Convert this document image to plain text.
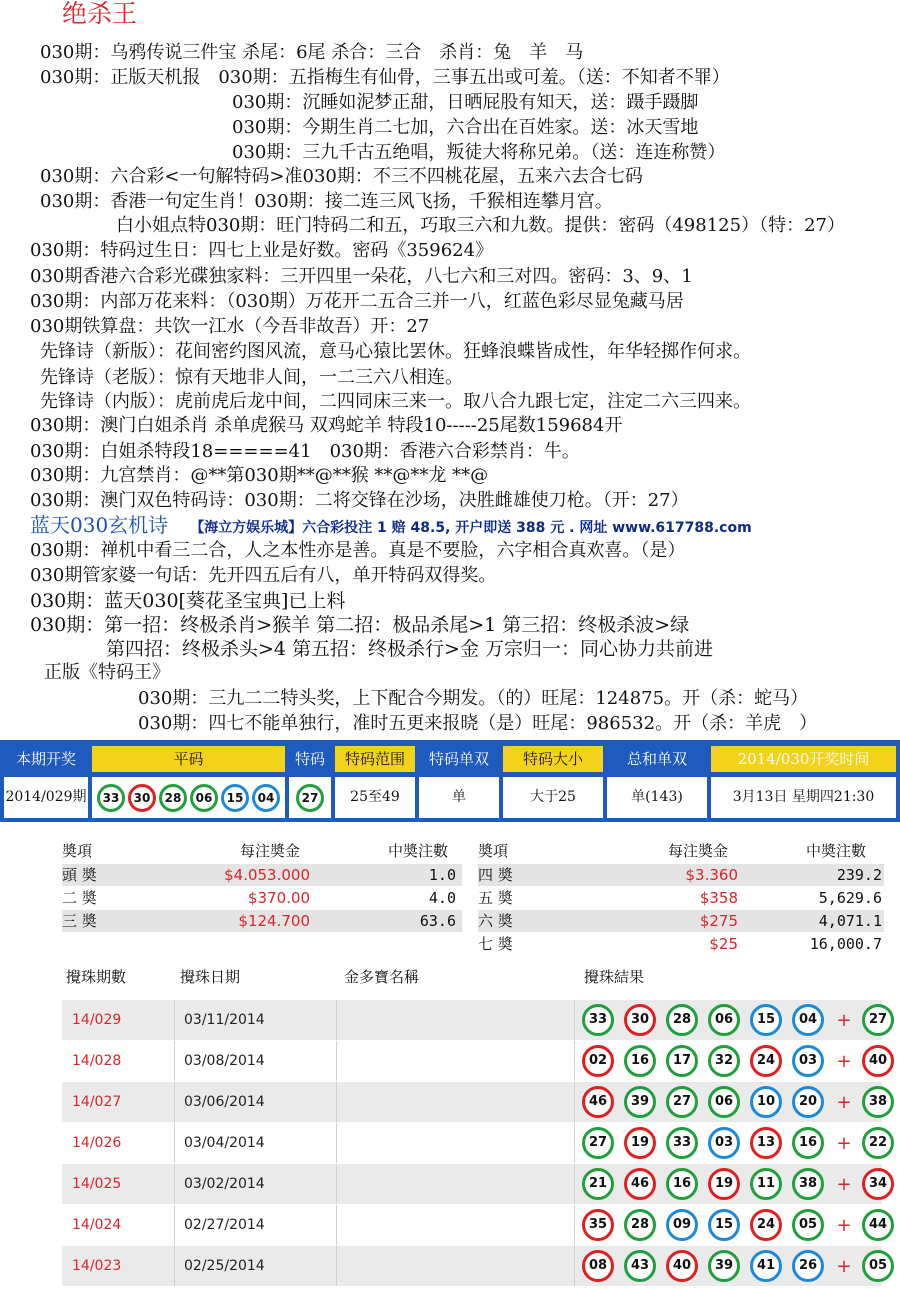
绝杀王
030期：乌鸦传说三件宝 杀尾：6尾 杀合：三合　杀肖：兔　羊　马
030期：正版天机报　030期：五指梅生有仙骨，三事五出或可羞。（送：不知者不罪）
030期：沉睡如泥梦正甜，日晒屁股有知天，送：蹑手蹑脚
030期：今期生肖二七加，六合出在百姓家。送：冰天雪地
030期：三九千古五绝唱，叛徒大将称兄弟。（送：连连称赞）
030期：六合彩<一句解特码>准030期：不三不四桃花屋，五来六去合七码
030期：香港一句定生肖！030期：接二连三风飞扬，千猴相连攀月宫。
白小姐点特030期：旺门特码二和五，巧取三六和九数。提供：密码（498125）（特：27）
030期：特码过生日：四七上业是好数。密码《359624》
030期香港六合彩光碟独家料：三开四里一朵花，八七六和三对四。密码：3、9、1
030期：内部万花来料：（030期）万花开二五合三并一八，红蓝色彩尽显兔藏马居
030期铁算盘：共饮一江水（今吾非故吾）开：27
先锋诗（新版）：花间密约图风流，意马心猿比罢休。狂蜂浪蝶皆成性，年华轻掷作何求。
先锋诗（老版）：惊有天地非人间，一二三六八相连。
先锋诗（内版）：虎前虎后龙中间，二四同床三来一。取八合九跟七定，注定二六三四来。
030期：澳门白姐杀肖 杀单虎猴马 双鸡蛇羊 特段10-----25尾数159684开
030期：白姐杀特段18=====41　030期：香港六合彩禁肖：牛。
030期：九宫禁肖：@**第030期**@**猴 **@**龙 **@
030期：澳门双色特码诗：030期：二将交锋在沙场，决胜雌雄使刀枪。（开：27）
蓝天030玄机诗 【海立方娱乐城】六合彩投注 1 赔 48.5, 开户即送 388 元 . 网址 www.617788.com
030期：禅机中看三二合，人之本性亦是善。真是不要脸，六字相合真欢喜。（是）
030期管家婆一句话：先开四五后有八，单开特码双得奖。
030期：蓝天030[葵花圣宝典]已上料
030期：第一招：终极杀肖>猴羊 第二招：极品杀尾>1 第三招：终极杀波>绿
第四招：终极杀头>4 第五招：终极杀行>金 万宗归一：同心协力共前进
正版《特码王》
030期：三九二二特头奖，上下配合今期发。（的）旺尾：124875。开（杀：蛇马）
030期：四七不能单独行，准时五更来报晓（是）旺尾：986532。开（杀：羊虎　）
本期开奖	平码	特码	特码范围	特码单双	特码大小	总和单双	2014/030开奖时间
2014/029期	33	30	28	06	15	04	27	25至49	单	大于25	单(143)	3月13日 星期四21:30
奬項	每注奬金	中奬注數 奬項	每注奬金	中奬注數
頭 奬	$4.053.000	1.0
二 奬	$370.00	4.0
三 奬	$124.700	63.6
四 奬	$3.360	239.2
五 奬	$358	5,629.6
六 奬	$275	4,071.1
七 奬	$25	16,000.7
攪珠期數	攪珠日期	金多寶名稱	攪珠結果
14/029	03/11/2014	33	30	28	06	15	04	+	27
14/028	03/08/2014	02	16	17	32	24	03	+	40
14/027	03/06/2014	46	39	27	06	10	20	+	38
14/026	03/04/2014	27	19	33	03	13	16	+	22
14/025	03/02/2014	21	46	16	19	11	38	+	34
14/024	02/27/2014	35	28	09	15	24	05	+	44
14/023	02/25/2014	08	43	40	39	41	26	+	05
